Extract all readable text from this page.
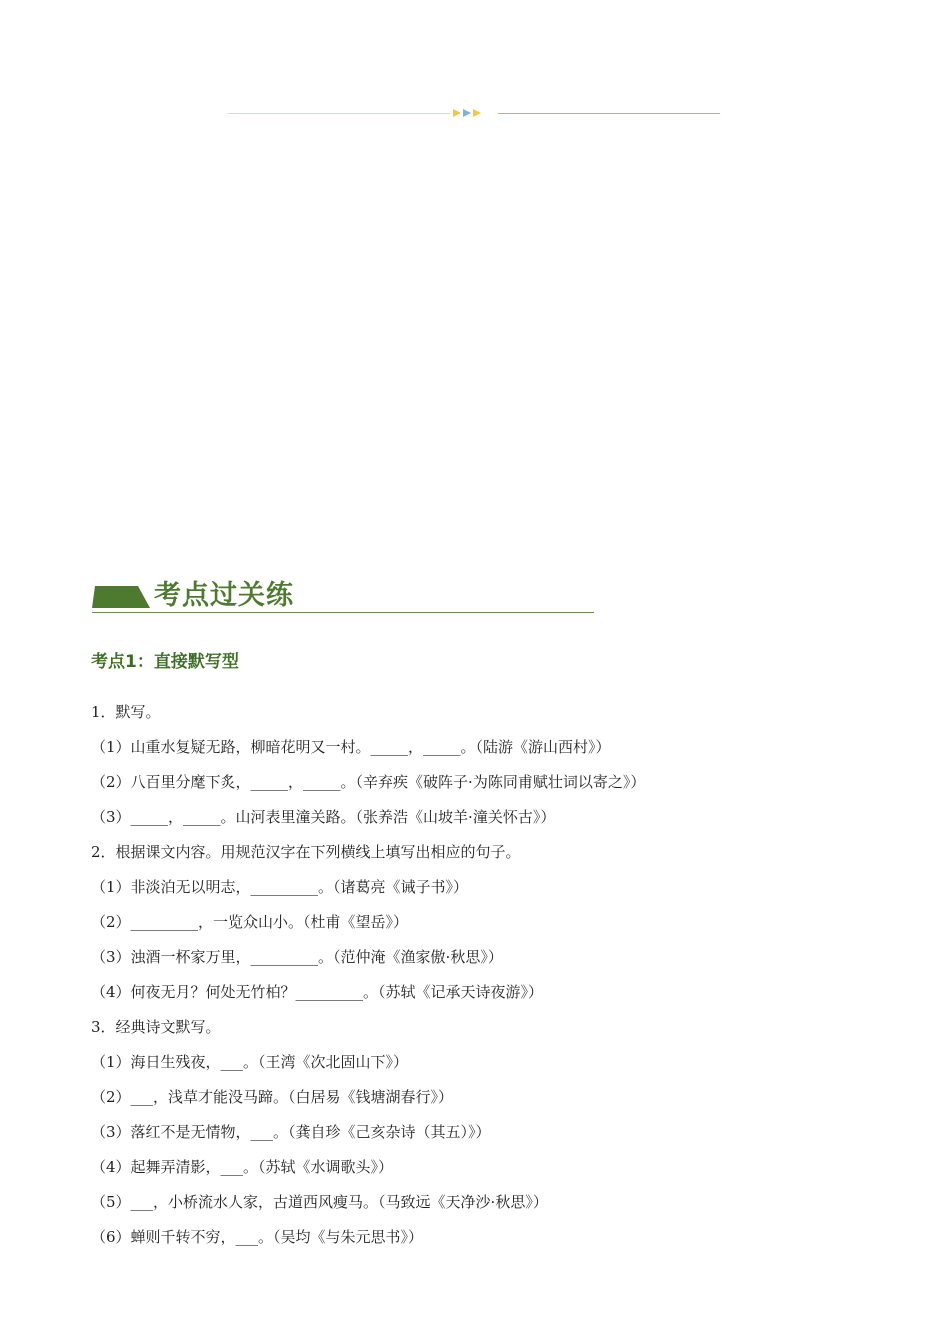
考点过关练
考点1：直接默写型
1．默写。
（1）山重水复疑无路，柳暗花明又一村。_____，_____。（陆游《游山西村》）
（2）八百里分麾下炙，_____，_____。（辛弃疾《破阵子·为陈同甫赋壮词以寄之》）
（3）_____，_____。山河表里潼关路。（张养浩《山坡羊·潼关怀古》）
2．根据课文内容。用规范汉字在下列横线上填写出相应的句子。
（1）非淡泊无以明志，_________。（诸葛亮《诫子书》）
（2）_________，一览众山小。（杜甫《望岳》）
（3）浊酒一杯家万里，_________。（范仲淹《渔家傲·秋思》）
（4）何夜无月？何处无竹柏？_________。（苏轼《记承天诗夜游》）
3．经典诗文默写。
（1）海日生残夜，___。（王湾《次北固山下》）
（2）___，浅草才能没马蹄。（白居易《钱塘湖春行》）
（3）落红不是无情物，___。（龚自珍《己亥杂诗（其五）》）
（4）起舞弄清影，___。（苏轼《水调歌头》）
（5）___，小桥流水人家，古道西风瘦马。（马致远《天净沙·秋思》）
（6）蝉则千转不穷，___。（吴均《与朱元思书》）
